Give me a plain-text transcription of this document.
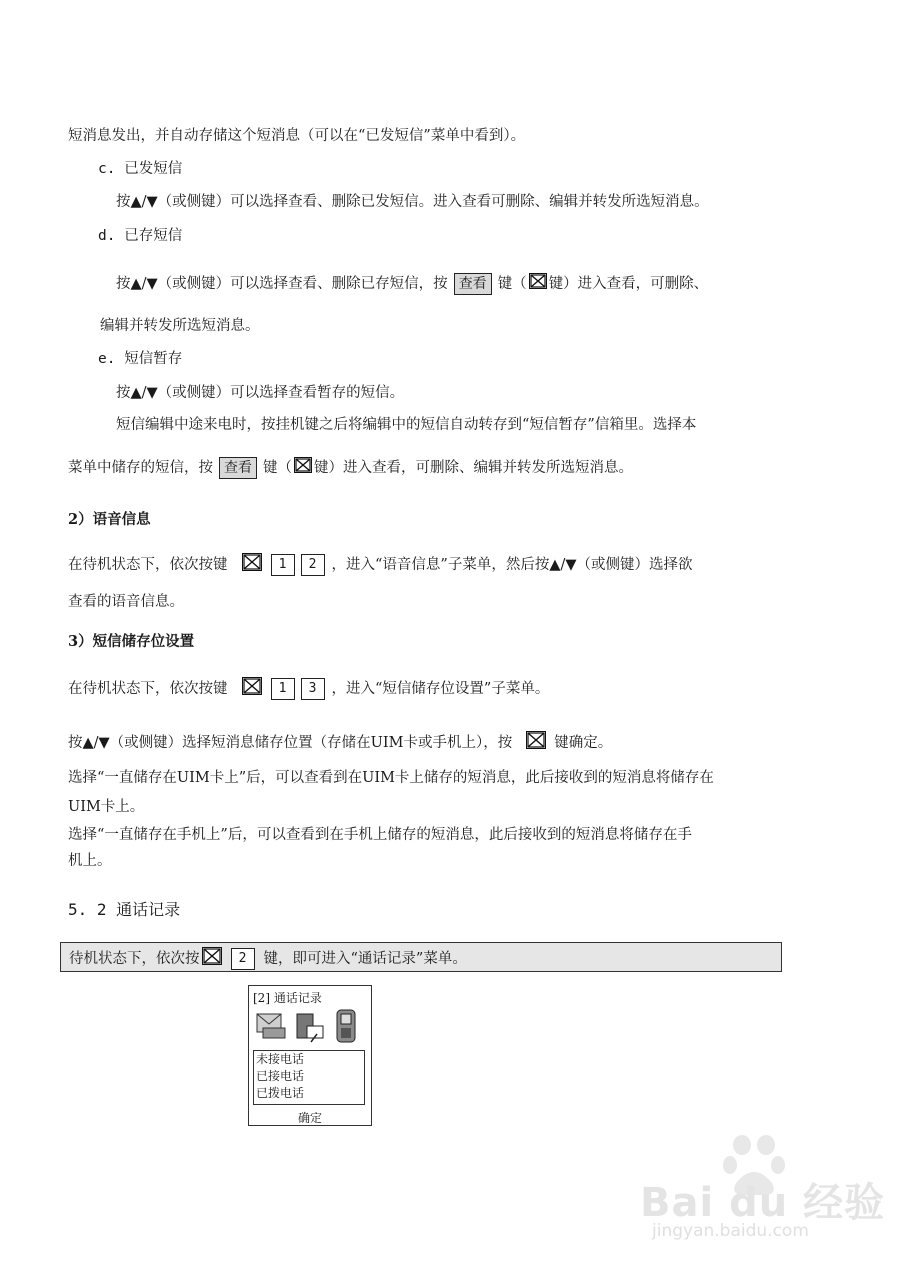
短消息发出，并自动存储这个短消息（可以在“已发短信”菜单中看到）。
c. 已发短信
按▲/▼（或侧键）可以选择查看、删除已发短信。进入查看可删除、编辑并转发所选短消息。
d. 已存短信
按▲/▼（或侧键）可以选择查看、删除已存短信，按 查看 键（ 键）进入查看，可删除、
编辑并转发所选短消息。
e. 短信暂存
按▲/▼（或侧键）可以选择查看暂存的短信。
短信编辑中途来电时，按挂机键之后将编辑中的短信自动转存到“短信暂存”信箱里。选择本
菜单中储存的短信，按 查看 键（ 键）进入查看，可删除、编辑并转发所选短消息。
2）语音信息
在待机状态下，依次按键	1	2	，进入“语音信息”子菜单，然后按▲/▼（或侧键）选择欲
查看的语音信息。
3）短信储存位设置
在待机状态下，依次按键	1	3	，进入“短信储存位设置”子菜单。
按▲/▼（或侧键）选择短消息储存位置（存储在UIM卡或手机上），按	键确定。
选择“一直储存在UIM卡上”后，可以查看到在UIM卡上储存的短消息，此后接收到的短消息将储存在
UIM卡上。
选择“一直储存在手机上”后，可以查看到在手机上储存的短消息，此后接收到的短消息将储存在手
机上。
5. 2 通话记录
待机状态下，依次按	2	键，即可进入“通话记录”菜单。
[2] 通话记录
未接电话
已接电话
已拨电话
确定
Bai du 经验
jingyan.baidu.com
